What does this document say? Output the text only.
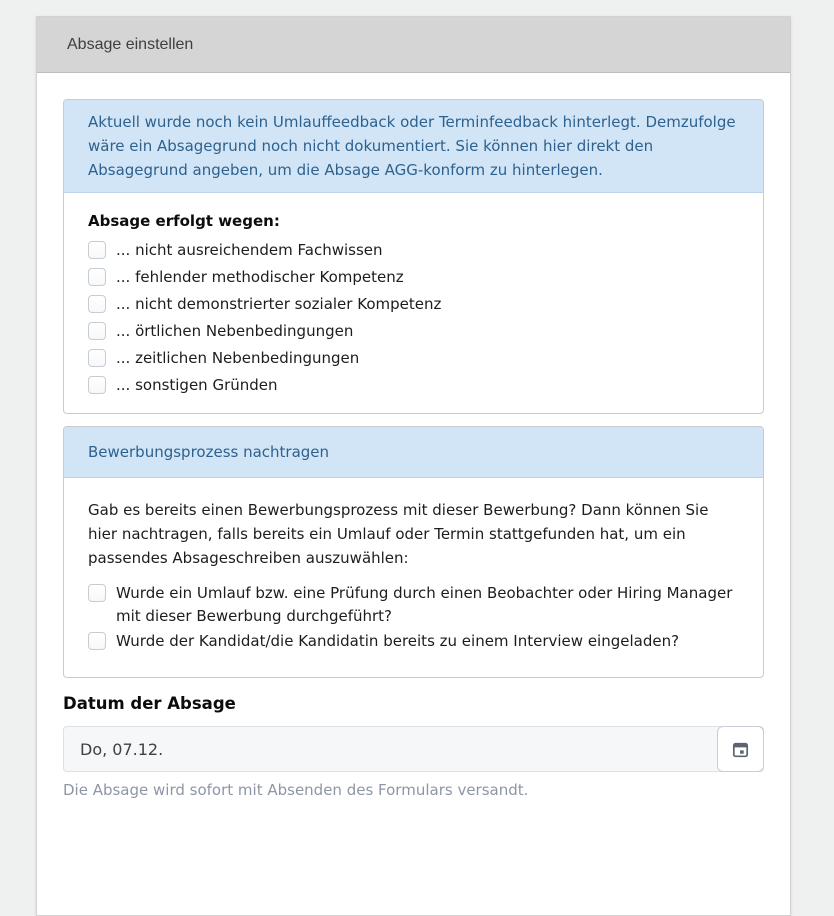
Absage einstellen
Aktuell wurde noch kein Umlauffeedback oder Terminfeedback hinterlegt. Demzufolge wäre ein Absagegrund noch nicht dokumentiert. Sie können hier direkt den Absagegrund angeben, um die Absage AGG-konform zu hinterlegen.
Absage erfolgt wegen:
... nicht ausreichendem Fachwissen
... fehlender methodischer Kompetenz
... nicht demonstrierter sozialer Kompetenz
... örtlichen Nebenbedingungen
... zeitlichen Nebenbedingungen
... sonstigen Gründen
Bewerbungsprozess nachtragen
Gab es bereits einen Bewerbungsprozess mit dieser Bewerbung? Dann können Sie hier nachtragen, falls bereits ein Umlauf oder Termin stattgefunden hat, um ein passendes Absageschreiben auszuwählen:
Wurde ein Umlauf bzw. eine Prüfung durch einen Beobachter oder Hiring Manager mit dieser Bewerbung durchgeführt?
Wurde der Kandidat/die Kandidatin bereits zu einem Interview eingeladen?
Datum der Absage
Do, 07.12.
Die Absage wird sofort mit Absenden des Formulars versandt.
